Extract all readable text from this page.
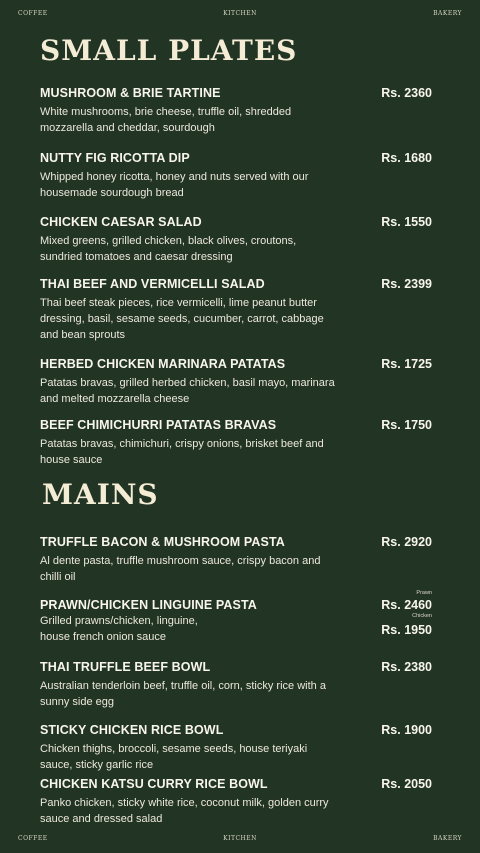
COFFEE	KITCHEN	BAKERY
SMALL PLATES
MUSHROOM & BRIE TARTINE	Rs. 2360
White mushrooms, brie cheese, truffle oil, shredded mozzarella and cheddar, sourdough
NUTTY FIG RICOTTA DIP	Rs. 1680
Whipped honey ricotta, honey and nuts served with our housemade sourdough bread
CHICKEN CAESAR SALAD	Rs. 1550
Mixed greens, grilled chicken, black olives, croutons, sundried tomatoes and caesar dressing
THAI BEEF AND VERMICELLI SALAD	Rs. 2399
Thai beef steak pieces, rice vermicelli, lime peanut butter dressing, basil, sesame seeds, cucumber, carrot, cabbage and bean sprouts
HERBED CHICKEN MARINARA PATATAS	Rs. 1725
Patatas bravas, grilled herbed chicken, basil mayo, marinara and melted mozzarella cheese
BEEF CHIMICHURRI PATATAS BRAVAS	Rs. 1750
Patatas bravas, chimichuri, crispy onions, brisket beef and house sauce
MAINS
TRUFFLE BACON & MUSHROOM PASTA	Rs. 2920
Al dente pasta, truffle mushroom sauce, crispy bacon and chilli oil
PRAWN/CHICKEN LINGUINE PASTA
Prawn
Rs. 2460
Chicken
Rs. 1950
Grilled prawns/chicken, linguine, house french onion sauce
THAI TRUFFLE BEEF BOWL	Rs. 2380
Australian tenderloin beef, truffle oil, corn, sticky rice with a sunny side egg
STICKY CHICKEN RICE BOWL	Rs. 1900
Chicken thighs, broccoli, sesame seeds, house teriyaki sauce, sticky garlic rice
CHICKEN KATSU CURRY RICE BOWL	Rs. 2050
Panko chicken, sticky white rice, coconut milk, golden curry sauce and dressed salad
COFFEE	KITCHEN	BAKERY
